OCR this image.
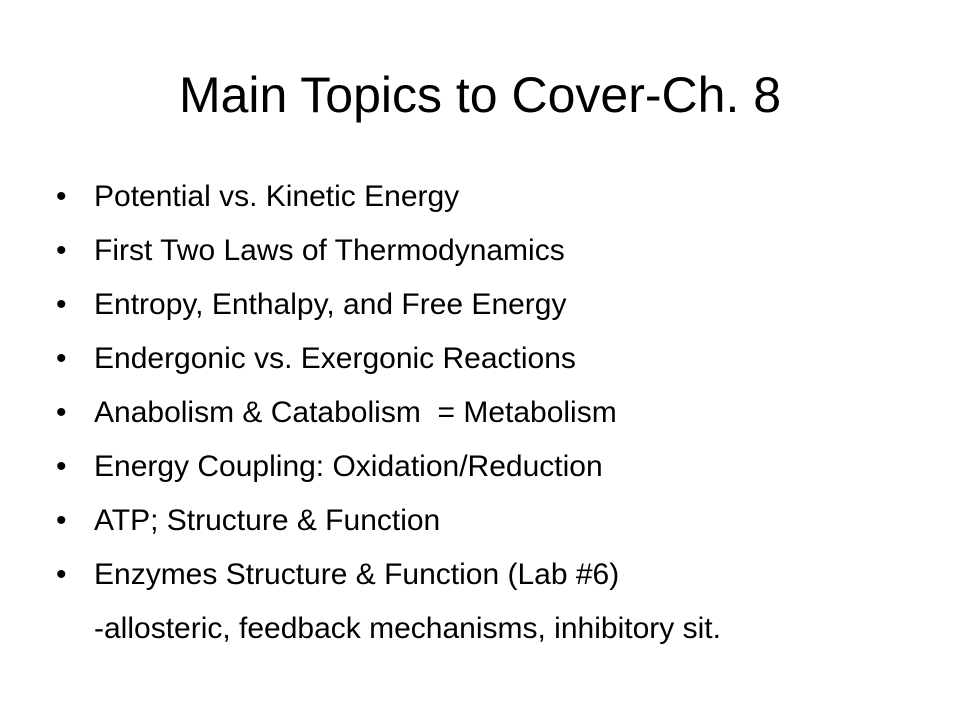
Main Topics to Cover-Ch. 8
• Potential vs. Kinetic Energy
• First Two Laws of Thermodynamics
• Entropy, Enthalpy, and Free Energy
• Endergonic vs. Exergonic Reactions
• Anabolism & Catabolism  = Metabolism
• Energy Coupling: Oxidation/Reduction
• ATP; Structure & Function
• Enzymes Structure & Function (Lab #6)
-allosteric, feedback mechanisms, inhibitory sit.
